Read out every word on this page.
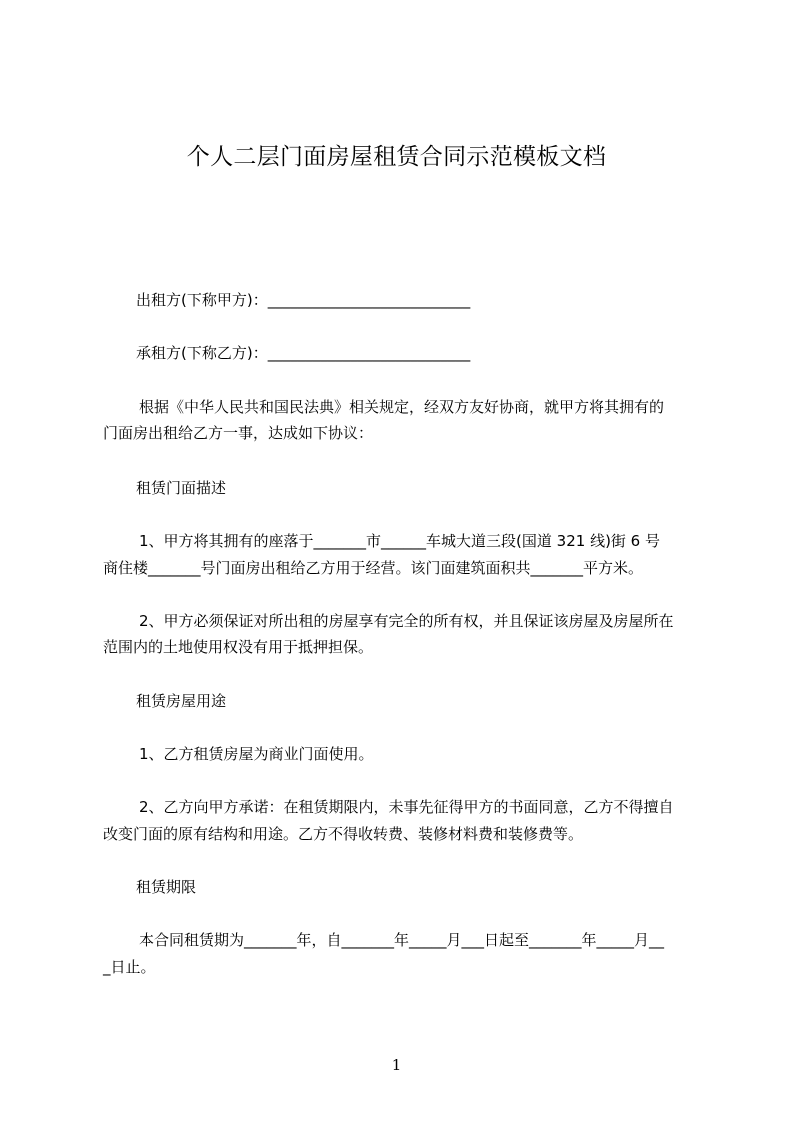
个人二层门面房屋租赁合同示范模板文档
出租方(下称甲方)：___________________________
承租方(下称乙方)：___________________________
根据《中华人民共和国民法典》相关规定，经双方友好协商，就甲方将其拥有的
门面房出租给乙方一事，达成如下协议：
租赁门面描述
1、甲方将其拥有的座落于_______市______车城大道三段(国道 321 线)街 6 号
商住楼_______号门面房出租给乙方用于经营。该门面建筑面积共_______平方米。
2、甲方必须保证对所出租的房屋享有完全的所有权，并且保证该房屋及房屋所在
范围内的土地使用权没有用于抵押担保。
租赁房屋用途
1、乙方租赁房屋为商业门面使用。
2、乙方向甲方承诺：在租赁期限内，未事先征得甲方的书面同意，乙方不得擅自
改变门面的原有结构和用途。乙方不得收转费、装修材料费和装修费等。
租赁期限
本合同租赁期为_______年，自_______年_____月___日起至_______年_____月__
_日止。
1
